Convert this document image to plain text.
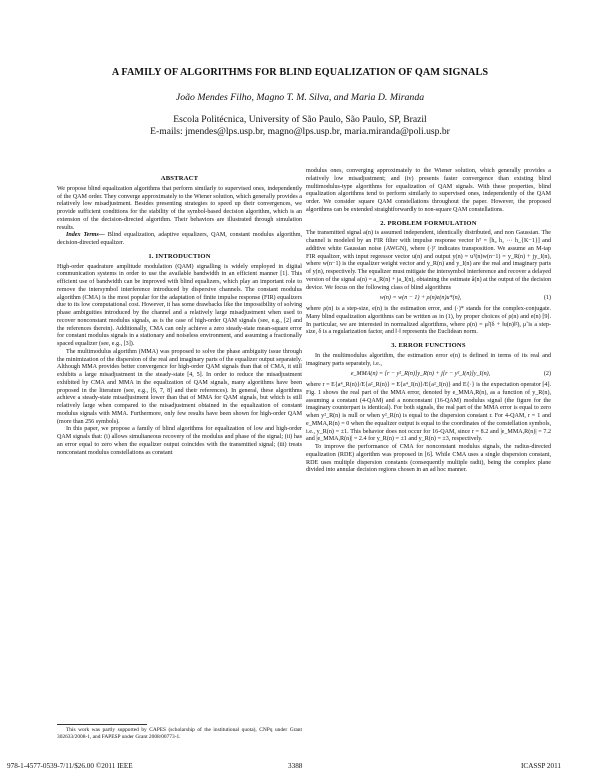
A FAMILY OF ALGORITHMS FOR BLIND EQUALIZATION OF QAM SIGNALS
João Mendes Filho, Magno T. M. Silva, and Maria D. Miranda
Escola Politécnica, University of São Paulo, São Paulo, SP, Brazil
E-mails: jmendes@lps.usp.br, magno@lps.usp.br, maria.miranda@poli.usp.br
ABSTRACT

We propose blind equalization algorithms that perform similarly to supervised ones, independently of the QAM order. They converge approximately to the Wiener solution, which generally provides a relatively low misadjustment. Besides presenting strategies to speed up their convergences, we provide sufficient conditions for the stability of the symbol-based decision algorithm, which is an extension of the decision-directed algorithm. Their behaviors are illustrated through simulation results.

Index Terms— Blind equalization, adaptive equalizers, QAM, constant modulus algorithm, decision-directed equalizer.

1. INTRODUCTION

High-order quadrature amplitude modulation (QAM) signalling is widely employed in digital communication systems in order to use the available bandwidth in an efficient manner [1]. This efficient use of bandwidth can be improved with blind equalizers, which play an important role to remove the intersymbol interference introduced by dispersive channels. The constant modulus algorithm (CMA) is the most popular for the adaptation of finite impulse response (FIR) equalizers due to its low computational cost. However, it has some drawbacks like the impossibility of solving phase ambiguities introduced by the channel and a relatively large misadjustment when used to recover nonconstant modulus signals, as is the case of high-order QAM signals (see, e.g., [2] and the references therein). Additionally, CMA can only achieve a zero steady-state mean-square error for constant modulus signals in a stationary and noiseless environment, and assuming a fractionally spaced equalizer (see, e.g., [3]).

The multimodulus algorithm (MMA) was proposed to solve the phase ambiguity issue through the minimization of the dispersion of the real and imaginary parts of the equalizer output separately. Although MMA provides better convergence for high-order QAM signals than that of CMA, it still exhibits a large misadjustment in the steady-state [4, 5]. In order to reduce the misadjustment exhibited by CMA and MMA in the equalization of QAM signals, many algorithms have been proposed in the literature (see, e.g., [6, 7, 8] and their references). In general, these algorithms achieve a steady-state misadjustment lower than that of MMA for QAM signals, but which is still relatively large when compared to the misadjustment obtained in the equalization of constant modulus signals with MMA. Furthermore, only few results have been shown for high-order QAM (more than 256 symbols).

In this paper, we propose a family of blind algorithms for equalization of low and high-order QAM signals that: (i) allows simultaneous recovery of the modulus and phase of the signal; (ii) has an error equal to zero when the equalizer output coincides with the transmitted signal; (iii) treats nonconstant modulus constellations as constant

This work was partly supported by CAPES (scholarship of the institutional quota), CNPq under Grant 302633/2008-1, and FAPESP under Grant 2008/00773-1.

modulus ones, converging approximately to the Wiener solution, which generally provides a relatively low misadjustment; and (iv) presents faster convergence than existing blind multimodulus-type algorithms for equalization of QAM signals. With these properties, blind equalization algorithms tend to perform similarly to supervised ones, independently of the QAM order. We consider square QAM constellations throughout the paper. However, the proposed algorithms can be extended straightforwardly to non-square QAM constellations.

2. PROBLEM FORMULATION

The transmitted signal a(n) is assumed independent, identically distributed, and non Gaussian. The channel is modeled by an FIR filter with impulse response vector hᵀ = [h₀ h₁ ··· h_{K−1}] and additive white Gaussian noise (AWGN), where (·)ᵀ indicates transposition. We assume an M-tap FIR equalizer, with input regressor vector u(n) and output y(n) = uᵀ(n)w(n−1) = y_R(n) + jy_I(n), where w(n−1) is the equalizer weight vector and y_R(n) and y_I(n) are the real and imaginary parts of y(n), respectively. The equalizer must mitigate the intersymbol interference and recover a delayed version of the signal a(n) = a_R(n) + ja_I(n), obtaining the estimate â(n) at the output of the decision device. We focus on the following class of blind algorithms

w(n) = w(n − 1) + ρ(n)e(n)u*(n),	(1)

where ρ(n) is a step-size, e(n) is the estimation error, and (·)* stands for the complex-conjugate. Many blind equalization algorithms can be written as in (1), by proper choices of ρ(n) and e(n) [9]. In particular, we are interested in normalized algorithms, where ρ(n) = μ̃/(δ + ‖u(n)‖²), μ̃ is a step-size, δ is a regularization factor, and ‖·‖ represents the Euclidean norm.

3. ERROR FUNCTIONS

In the multimodulus algorithm, the estimation error e(n) is defined in terms of its real and imaginary parts separately, i.e.,

e_MMA(n) = [r − y²_R(n)]y_R(n) + j[r − y²_I(n)]y_I(n),	(2)

where r = E{a⁴_R(n)}/E{a²_R(n)} = E{a⁴_I(n)}/E{a²_I(n)} and E{·} is the expectation operator [4]. Fig. 1 shows the real part of the MMA error, denoted by e_MMA,R(n), as a function of y_R(n), assuming a constant (4-QAM) and a nonconstant (16-QAM) modulus signal (the figure for the imaginary counterpart is identical). For both signals, the real part of the MMA error is equal to zero when y²_R(n) is null or when y²_R(n) is equal to the dispersion constant r. For 4-QAM, r = 1 and e_MMA,R(n) = 0 when the equalizer output is equal to the coordinates of the constellation symbols, i.e., y_R(n) = ±1. This behavior does not occur for 16-QAM, since r = 8.2 and |e_MMA,R(n)| = 7.2 and |e_MMA,R(n)| = 2.4 for y_R(n) = ±1 and y_R(n) = ±3, respectively.

To improve the performance of CMA for nonconstant modulus signals, the radius-directed equalization (RDE) algorithm was proposed in [6]. While CMA uses a single dispersion constant, RDE uses multiple dispersion constants (consequently multiple radii), being the complex plane divided into annular decision regions chosen in an ad hoc manner.

978-1-4577-0539-7/11/$26.00 ©2011 IEEE	3388	ICASSP 2011
